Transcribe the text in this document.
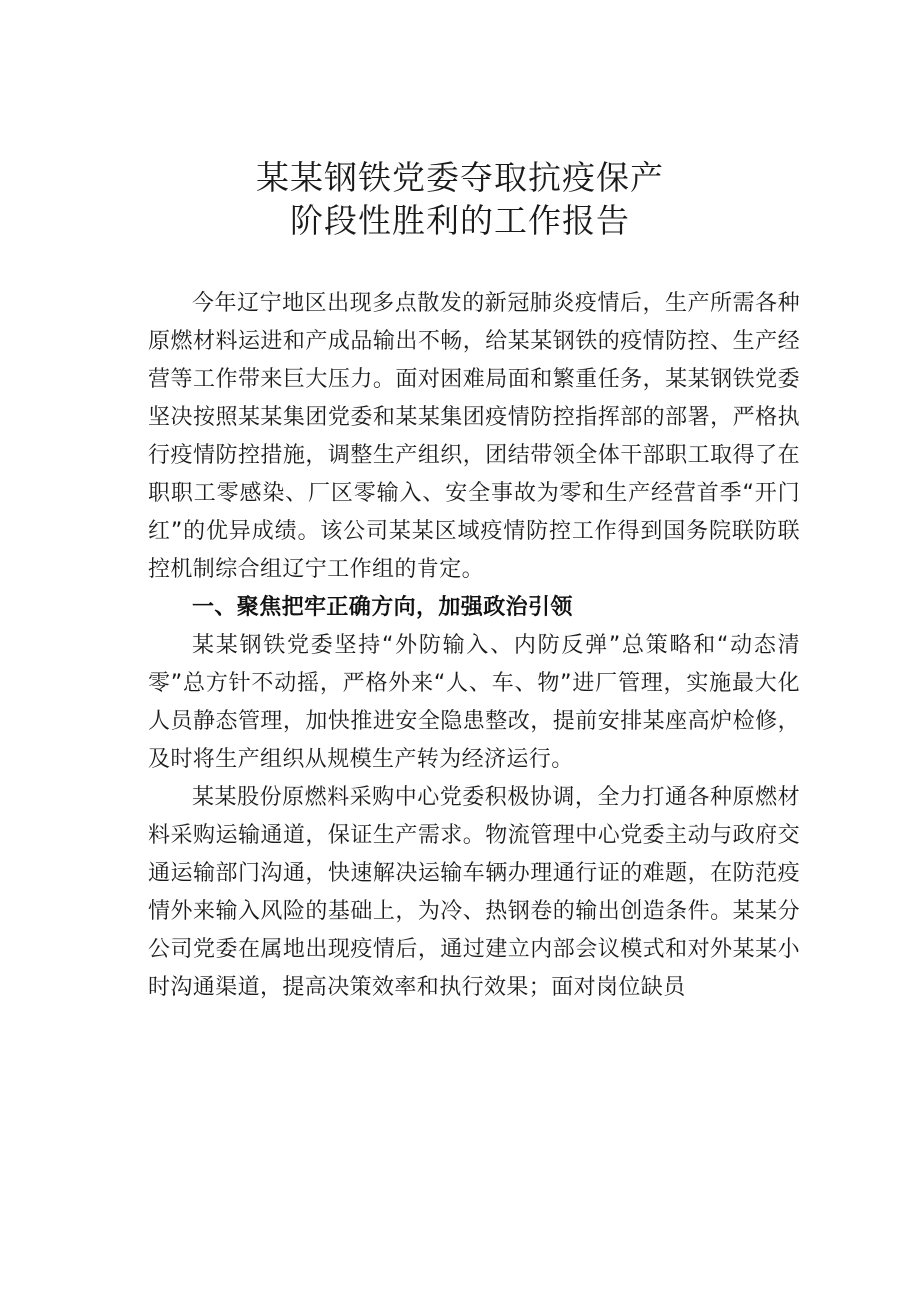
某某钢铁党委夺取抗疫保产
阶段性胜利的工作报告

今年辽宁地区出现多点散发的新冠肺炎疫情后，生产所需各种原燃材料运进和产成品输出不畅，给某某钢铁的疫情防控、生产经营等工作带来巨大压力。面对困难局面和繁重任务，某某钢铁党委坚决按照某某集团党委和某某集团疫情防控指挥部的部署，严格执行疫情防控措施，调整生产组织，团结带领全体干部职工取得了在职职工零感染、厂区零输入、安全事故为零和生产经营首季“开门红”的优异成绩。该公司某某区域疫情防控工作得到国务院联防联控机制综合组辽宁工作组的肯定。

一、聚焦把牢正确方向，加强政治引领

某某钢铁党委坚持“外防输入、内防反弹”总策略和“动态清零”总方针不动摇，严格外来“人、车、物”进厂管理，实施最大化人员静态管理，加快推进安全隐患整改，提前安排某座高炉检修，及时将生产组织从规模生产转为经济运行。

某某股份原燃料采购中心党委积极协调，全力打通各种原燃材料采购运输通道，保证生产需求。物流管理中心党委主动与政府交通运输部门沟通，快速解决运输车辆办理通行证的难题，在防范疫情外来输入风险的基础上，为冷、热钢卷的输出创造条件。某某分公司党委在属地出现疫情后，通过建立内部会议模式和对外某某小时沟通渠道，提高决策效率和执行效果；面对岗位缺员
